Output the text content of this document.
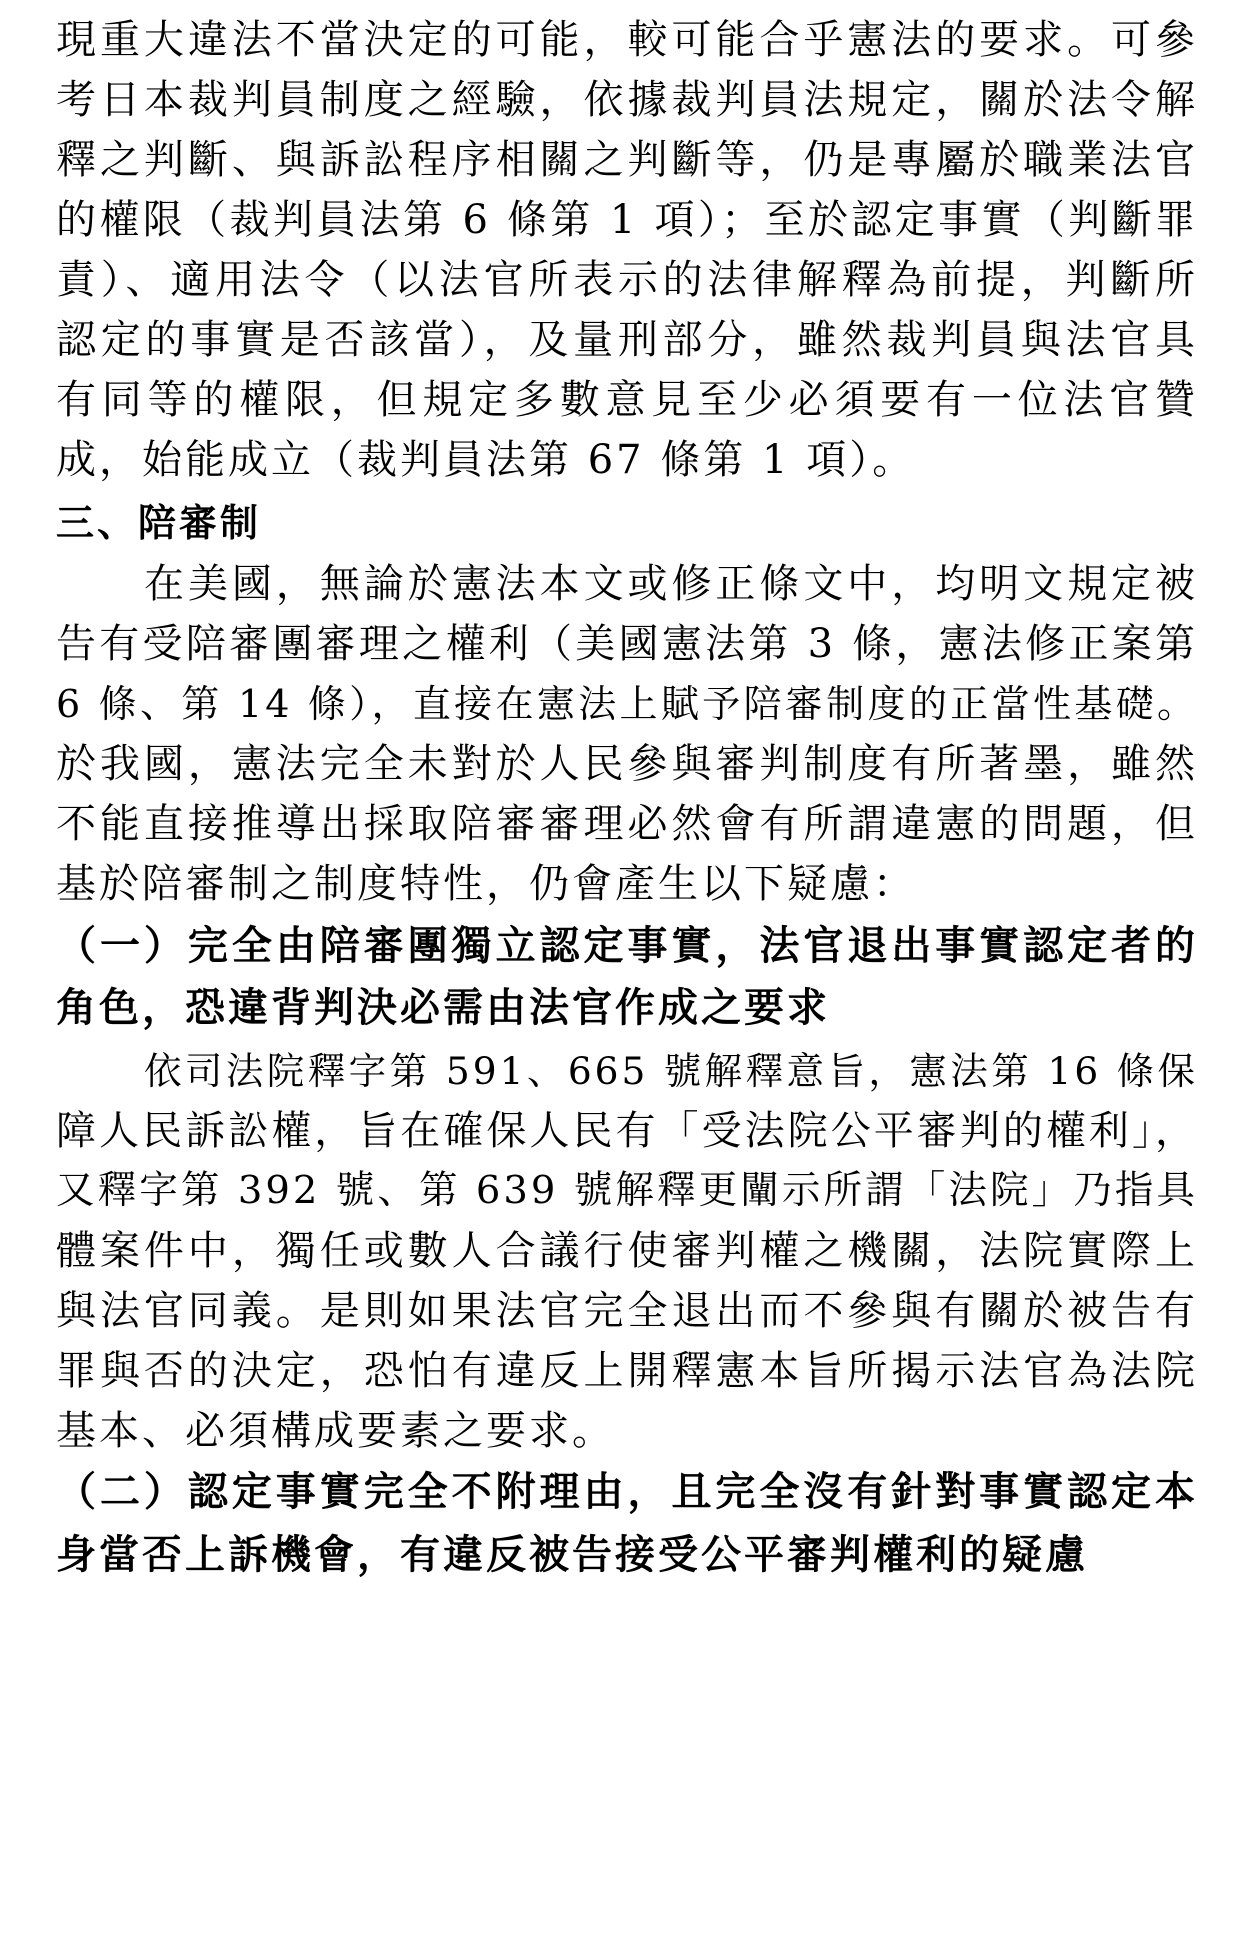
現重大違法不當決定的可能，較可能合乎憲法的要求。可參
考日本裁判員制度之經驗，依據裁判員法規定，關於法令解
釋之判斷、與訴訟程序相關之判斷等，仍是專屬於職業法官
的權限（裁判員法第 6 條第 1 項）；至於認定事實（判斷罪
責）、適用法令（以法官所表示的法律解釋為前提，判斷所
認定的事實是否該當），及量刑部分，雖然裁判員與法官具
有同等的權限，但規定多數意見至少必須要有一位法官贊
成，始能成立（裁判員法第 67 條第 1 項）。
三、陪審制
在美國，無論於憲法本文或修正條文中，均明文規定被
告有受陪審團審理之權利（美國憲法第 3 條，憲法修正案第
6 條、第 14 條），直接在憲法上賦予陪審制度的正當性基礎。
於我國，憲法完全未對於人民參與審判制度有所著墨，雖然
不能直接推導出採取陪審審理必然會有所謂違憲的問題，但
基於陪審制之制度特性，仍會產生以下疑慮：
（一）完全由陪審團獨立認定事實，法官退出事實認定者的
角色，恐違背判決必需由法官作成之要求
依司法院釋字第 591、665 號解釋意旨，憲法第 16 條保
障人民訴訟權，旨在確保人民有「受法院公平審判的權利」，
又釋字第 392 號、第 639 號解釋更闡示所謂「法院」乃指具
體案件中，獨任或數人合議行使審判權之機關，法院實際上
與法官同義。是則如果法官完全退出而不參與有關於被告有
罪與否的決定，恐怕有違反上開釋憲本旨所揭示法官為法院
基本、必須構成要素之要求。
（二）認定事實完全不附理由，且完全沒有針對事實認定本
身當否上訴機會，有違反被告接受公平審判權利的疑慮
